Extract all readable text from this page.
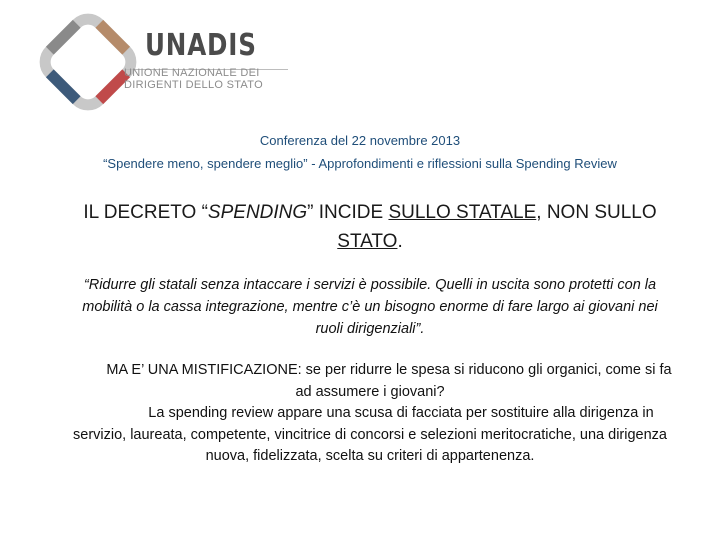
UNADIS
UNIONE NAZIONALE DEI
DIRIGENTI DELLO STATO
Conferenza del 22 novembre 2013
“Spendere meno, spendere meglio” - Approfondimenti e riflessioni sulla Spending Review
IL DECRETO “SPENDING” INCIDE SULLO STATALE, NON SULLO STATO.
“Ridurre gli statali senza intaccare i servizi è possibile. Quelli in uscita sono protetti con la mobilità o la cassa integrazione, mentre c’è un bisogno enorme di fare largo ai giovani nei ruoli dirigenziali”.
MA E’ UNA MISTIFICAZIONE: se per ridurre le spesa si riducono gli organici, come si fa ad assumere i giovani?
La spending review appare una scusa di facciata per sostituire alla dirigenza in servizio, laureata, competente, vincitrice di concorsi e selezioni meritocratiche, una dirigenza nuova, fidelizzata, scelta su criteri di appartenenza.
